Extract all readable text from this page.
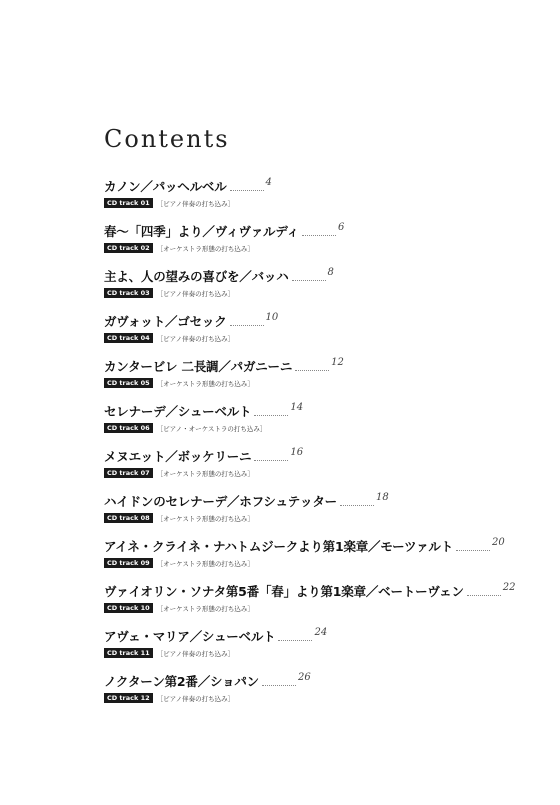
Contents
カノン／パッヘルベル	4
CD track 01	［ピアノ伴奏の打ち込み］
春～「四季」より／ヴィヴァルディ	6
CD track 02	［オーケストラ形態の打ち込み］
主よ、人の望みの喜びを／バッハ	8
CD track 03	［ピアノ伴奏の打ち込み］
ガヴォット／ゴセック	10
CD track 04	［ピアノ伴奏の打ち込み］
カンタービレ 二長調／パガニーニ	12
CD track 05	［オーケストラ形態の打ち込み］
セレナーデ／シューベルト	14
CD track 06	［ピアノ・オーケストラの打ち込み］
メヌエット／ボッケリーニ	16
CD track 07	［オーケストラ形態の打ち込み］
ハイドンのセレナーデ／ホフシュテッター	18
CD track 08	［オーケストラ形態の打ち込み］
アイネ・クライネ・ナハトムジークより第1楽章／モーツァルト	20
CD track 09	［オーケストラ形態の打ち込み］
ヴァイオリン・ソナタ第5番「春」より第1楽章／ベートーヴェン	22
CD track 10	［オーケストラ形態の打ち込み］
アヴェ・マリア／シューベルト	24
CD track 11	［ピアノ伴奏の打ち込み］
ノクターン第2番／ショパン	26
CD track 12	［ピアノ伴奏の打ち込み］
